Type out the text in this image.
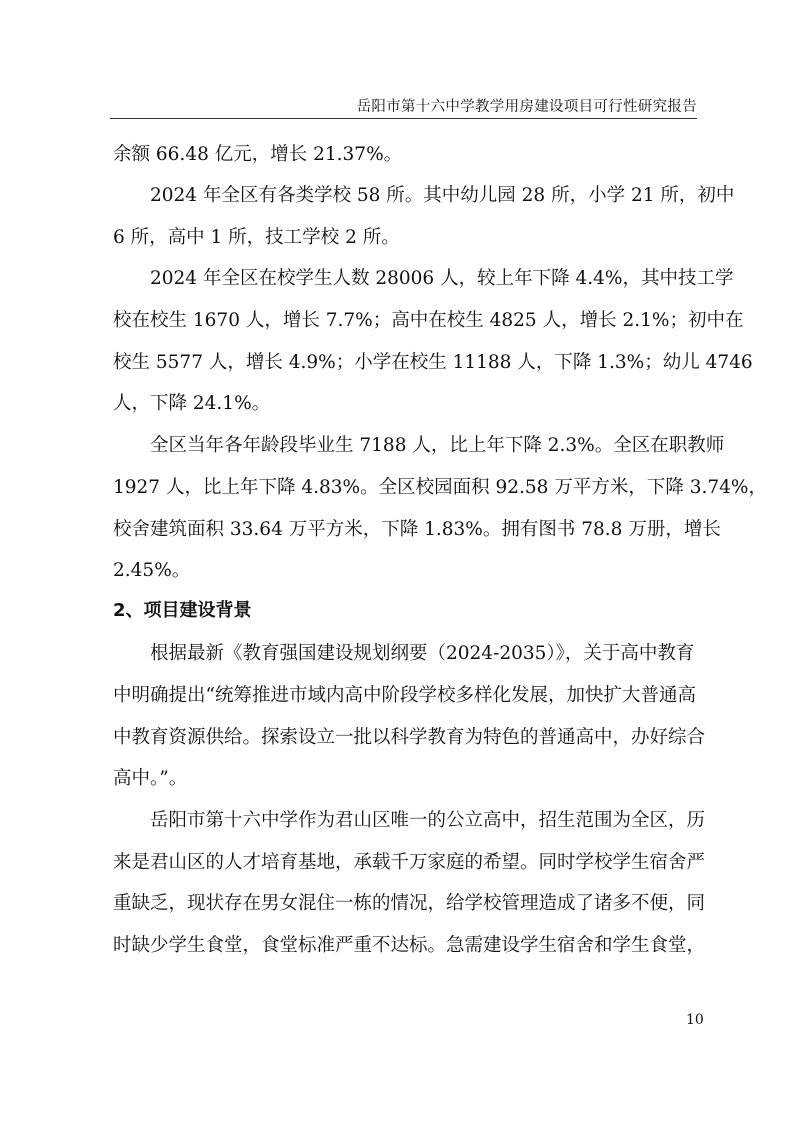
岳阳市第十六中学教学用房建设项目可行性研究报告
余额 66.48 亿元，增长 21.37%。
2024 年全区有各类学校 58 所。其中幼儿园 28 所，小学 21 所，初中
6 所，高中 1 所，技工学校 2 所。
2024 年全区在校学生人数 28006 人，较上年下降 4.4%，其中技工学
校在校生 1670 人，增长 7.7%；高中在校生 4825 人，增长 2.1%；初中在
校生 5577 人，增长 4.9%；小学在校生 11188 人，下降 1.3%；幼儿 4746
人，下降 24.1%。
全区当年各年龄段毕业生 7188 人，比上年下降 2.3%。全区在职教师
1927 人，比上年下降 4.83%。全区校园面积 92.58 万平方米，下降 3.74%，
校舍建筑面积 33.64 万平方米，下降 1.83%。拥有图书 78.8 万册，增长
2.45%。
2、项目建设背景
根据最新《教育强国建设规划纲要（2024-2035）》，关于高中教育
中明确提出“统筹推进市域内高中阶段学校多样化发展，加快扩大普通高
中教育资源供给。探索设立一批以科学教育为特色的普通高中，办好综合
高中。”。
岳阳市第十六中学作为君山区唯一的公立高中，招生范围为全区，历
来是君山区的人才培育基地，承载千万家庭的希望。同时学校学生宿舍严
重缺乏，现状存在男女混住一栋的情况，给学校管理造成了诸多不便，同
时缺少学生食堂，食堂标准严重不达标。急需建设学生宿舍和学生食堂，
10
